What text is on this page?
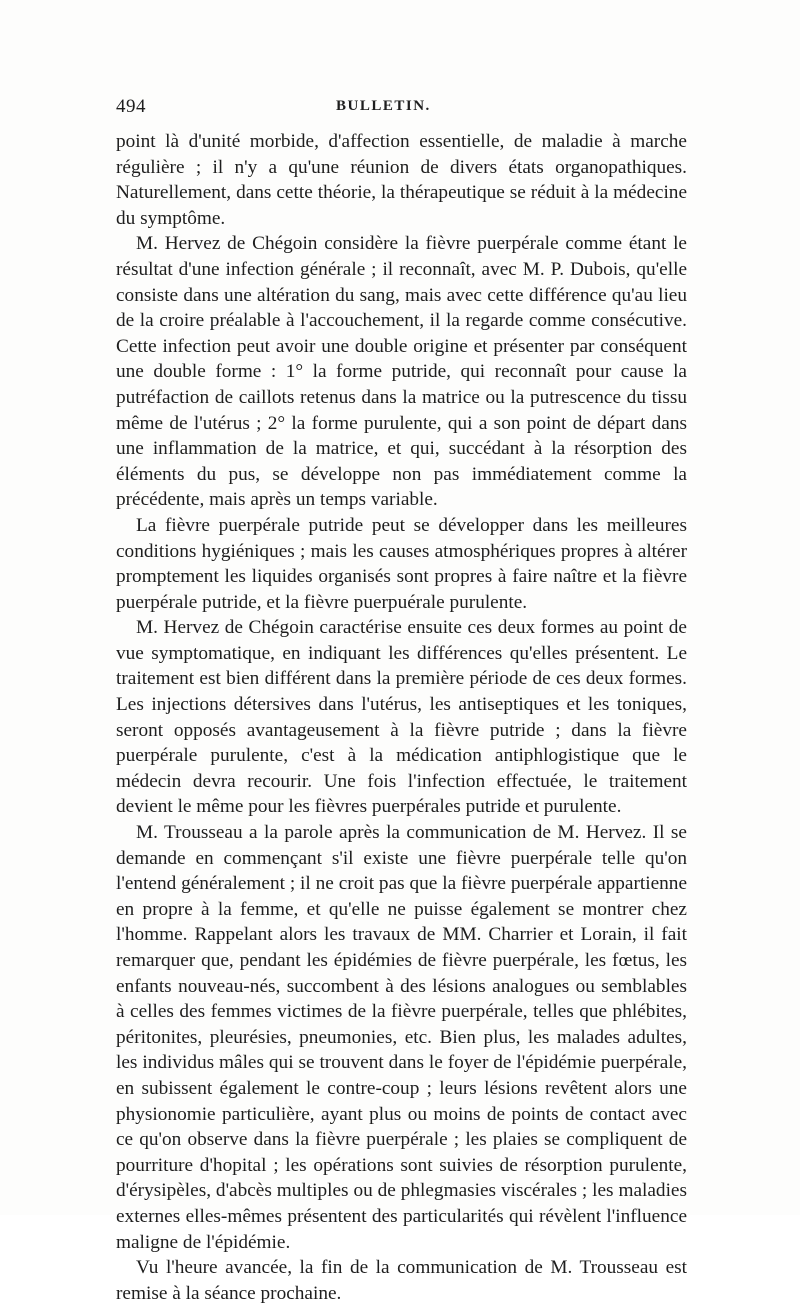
494	BULLETIN.

point là d'unité morbide, d'affection essentielle, de maladie à marche régulière ; il n'y a qu'une réunion de divers états organopathiques. Naturellement, dans cette théorie, la thérapeutique se réduit à la médecine du symptôme.

M. Hervez de Chégoin considère la fièvre puerpérale comme étant le résultat d'une infection générale ; il reconnaît, avec M. P. Dubois, qu'elle consiste dans une altération du sang, mais avec cette différence qu'au lieu de la croire préalable à l'accouchement, il la regarde comme consécutive. Cette infection peut avoir une double origine et présenter par conséquent une double forme : 1° la forme putride, qui reconnaît pour cause la putréfaction de caillots retenus dans la matrice ou la putrescence du tissu même de l'utérus ; 2° la forme purulente, qui a son point de départ dans une inflammation de la matrice, et qui, succédant à la résorption des éléments du pus, se développe non pas immédiatement comme la précédente, mais après un temps variable.

La fièvre puerpérale putride peut se développer dans les meilleures conditions hygiéniques ; mais les causes atmosphériques propres à altérer promptement les liquides organisés sont propres à faire naître et la fièvre puerpérale putride, et la fièvre puerpuérale purulente.

M. Hervez de Chégoin caractérise ensuite ces deux formes au point de vue symptomatique, en indiquant les différences qu'elles présentent. Le traitement est bien différent dans la première période de ces deux formes. Les injections détersives dans l'utérus, les antiseptiques et les toniques, seront opposés avantageusement à la fièvre putride ; dans la fièvre puerpérale purulente, c'est à la médication antiphlogistique que le médecin devra recourir. Une fois l'infection effectuée, le traitement devient le même pour les fièvres puerpérales putride et purulente.

M. Trousseau a la parole après la communication de M. Hervez. Il se demande en commençant s'il existe une fièvre puerpérale telle qu'on l'entend généralement ; il ne croit pas que la fièvre puerpérale appartienne en propre à la femme, et qu'elle ne puisse également se montrer chez l'homme. Rappelant alors les travaux de MM. Charrier et Lorain, il fait remarquer que, pendant les épidémies de fièvre puerpérale, les fœtus, les enfants nouveau-nés, succombent à des lésions analogues ou semblables à celles des femmes victimes de la fièvre puerpérale, telles que phlébites, péritonites, pleurésies, pneumonies, etc. Bien plus, les malades adultes, les individus mâles qui se trouvent dans le foyer de l'épidémie puerpérale, en subissent également le contre-coup ; leurs lésions revêtent alors une physionomie particulière, ayant plus ou moins de points de contact avec ce qu'on observe dans la fièvre puerpérale ; les plaies se compliquent de pourriture d'hopital ; les opérations sont suivies de résorption purulente, d'érysipèles, d'abcès multiples ou de phlegmasies viscérales ; les maladies externes elles-mêmes présentent des particularités qui révèlent l'influence maligne de l'épidémie.

Vu l'heure avancée, la fin de la communication de M. Trousseau est remise à la séance prochaine.
